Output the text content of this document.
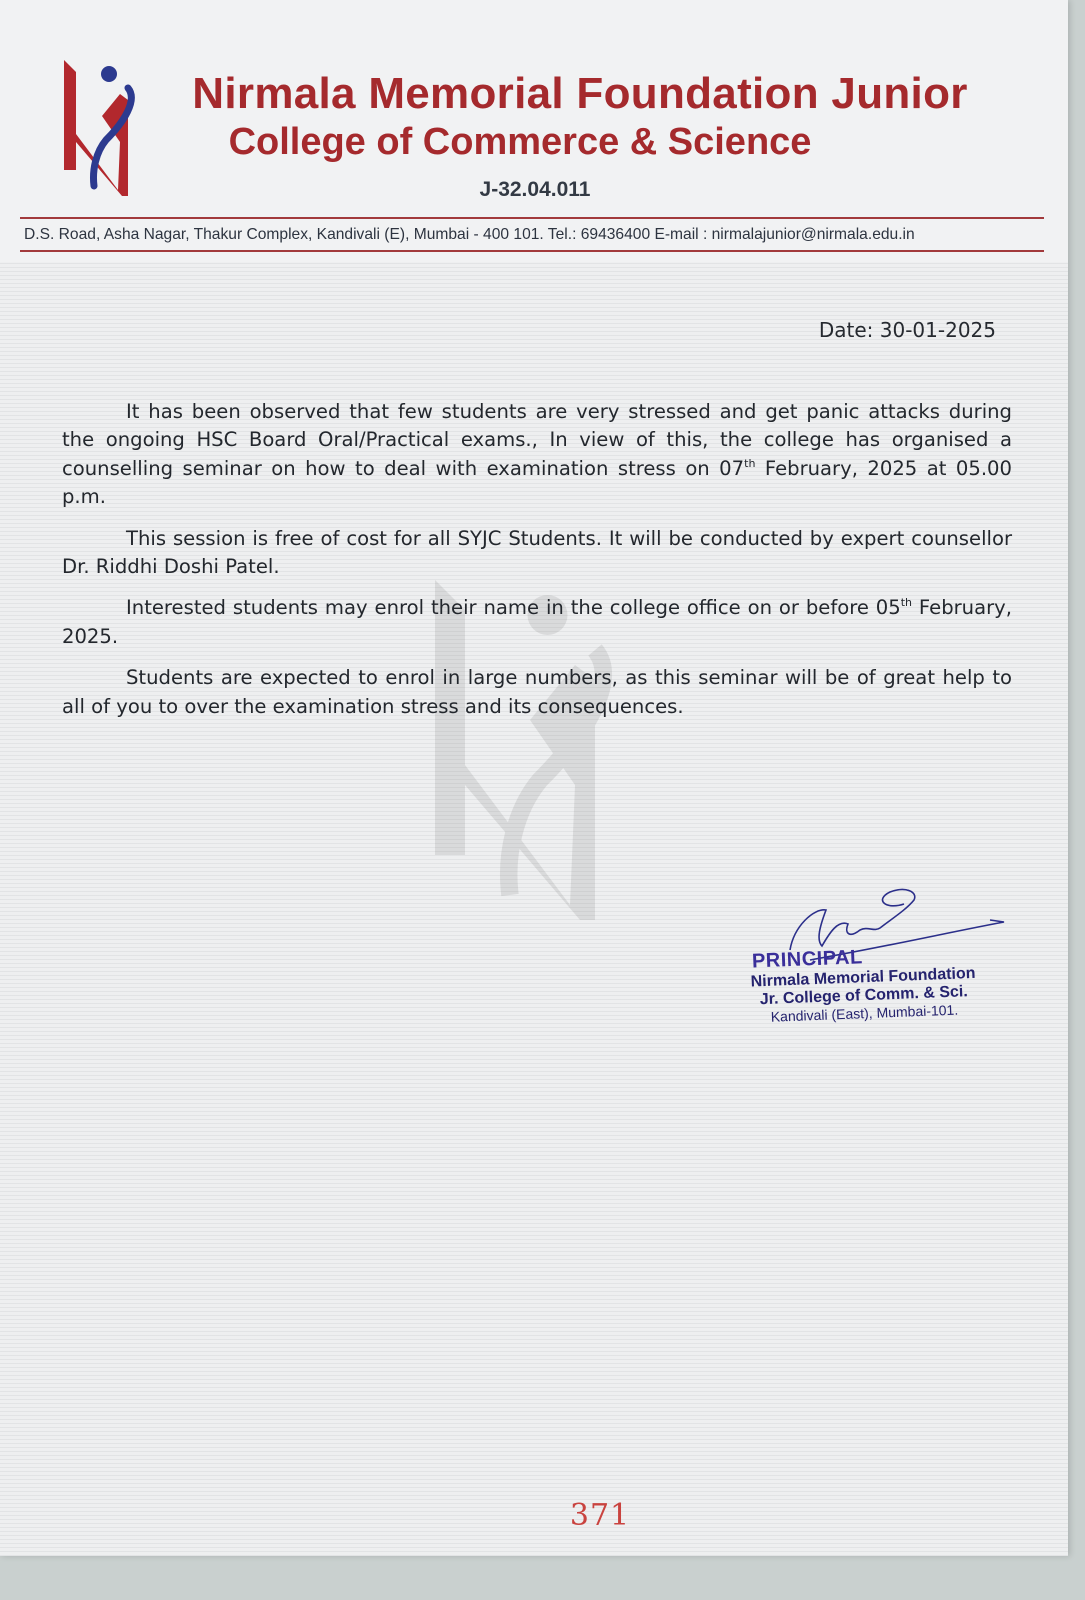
Nirmala Memorial Foundation Junior
College of Commerce & Science
J-32.04.011
D.S. Road, Asha Nagar, Thakur Complex, Kandivali (E), Mumbai - 400 101. Tel.: 69436400 E-mail : nirmalajunior@nirmala.edu.in
Date: 30-01-2025

It has been observed that few students are very stressed and get panic attacks during the ongoing HSC Board Oral/Practical exams., In view of this, the college has organised a counselling seminar on how to deal with examination stress on 07th February, 2025 at 05.00 p.m.

This session is free of cost for all SYJC Students. It will be conducted by expert counsellor Dr. Riddhi Doshi Patel.

Interested students may enrol their name in the college office on or before 05th February, 2025.

Students are expected to enrol in large numbers, as this seminar will be of great help to all of you to over the examination stress and its consequences.

PRINCIPAL
Nirmala Memorial Foundation
Jr. College of Comm. & Sci.
Kandivali (East), Mumbai-101.
371
